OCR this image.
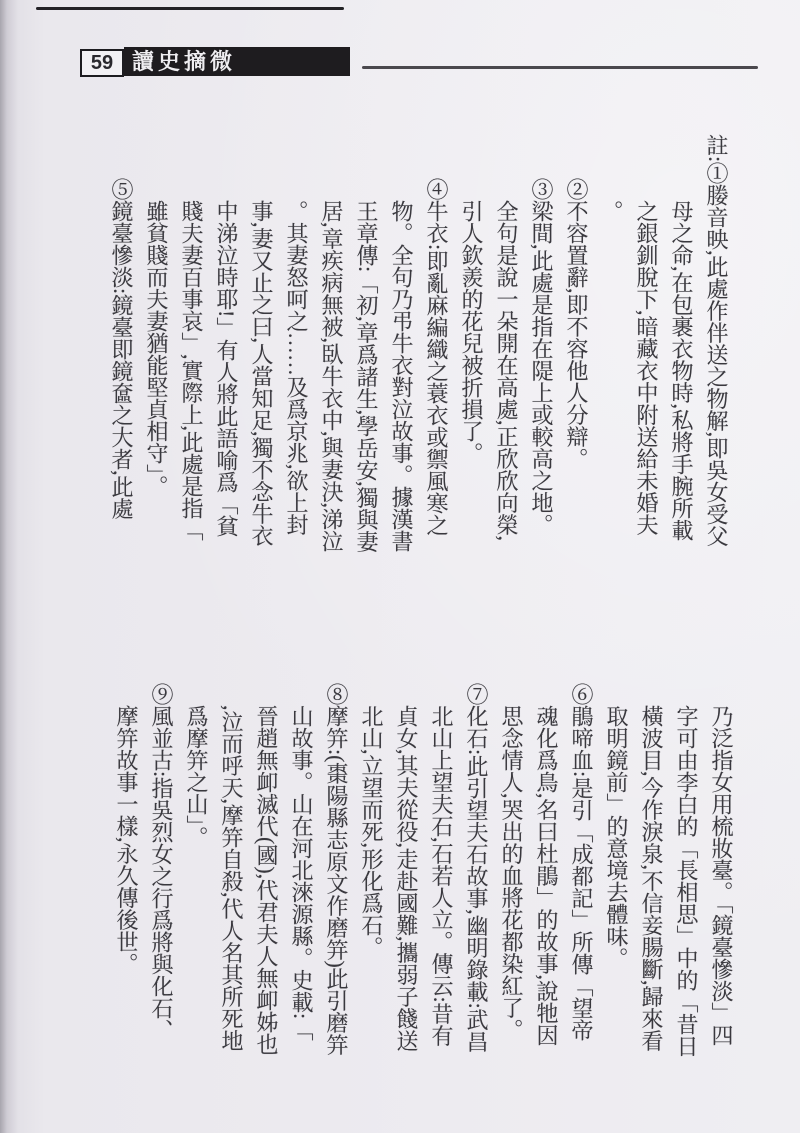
59 讀史摘微

註:①媵音映,此處作伴送之物解,即吳女受父母之命,在包裹衣物時,私將手腕所載之銀釧脫下,暗藏衣中附送給未婚夫。

②不容置辭,即不容他人分辯。

③梁間,此處是指在隄上或較高之地。全句是說一朵開在高處,正欣欣向榮,引人欽羨的花兒被折損了。

④牛衣:即亂麻編織之蓑衣或禦風寒之物。全句乃弔牛衣對泣故事。據漢書王章傳:「初,章爲諸生,學岳安,獨與妻居,章疾病無被,臥牛衣中,與妻決,涕泣。其妻怒呵之……及爲京兆,欲上封事,妻又止之曰,人當知足,獨不念牛衣中涕泣時耶!」有人將此語喻爲「貧賤夫妻百事哀」,實際上,此處是指「雖貧賤而夫妻猶能堅貞相守」。

⑤鏡臺慘淡:鏡臺即鏡奩之大者,此處

乃泛指女用梳妝臺。「鏡臺慘淡」四字可由李白的「長相思」中的「昔日橫波目,今作淚泉,不信妾腸斷,歸來看取明鏡前」的意境去體味。

⑥鵑啼血:是引「成都記」所傳「望帝魂化爲鳥,名曰杜鵑」的故事,說牠因思念情人,哭出的血將花都染紅了。

⑦化石:此引望夫石故事,幽明錄載:武昌北山上望夫石,石若人立。傳云:昔有貞女,其夫從役,走赴國難,攜弱子餞送北山,立望而死,形化爲石。

⑧摩笄:(棗陽縣志原文作磨笄)此引磨笄山故事。山在河北淶源縣。史載:「晉趙無卹滅代(國),代君夫人無卹姊也,泣而呼天,摩笄自殺,代人名其所死地爲摩笄之山」。

⑨風並古:指吳烈女之行爲將與化石、摩笄故事一樣,永久傳後世。
